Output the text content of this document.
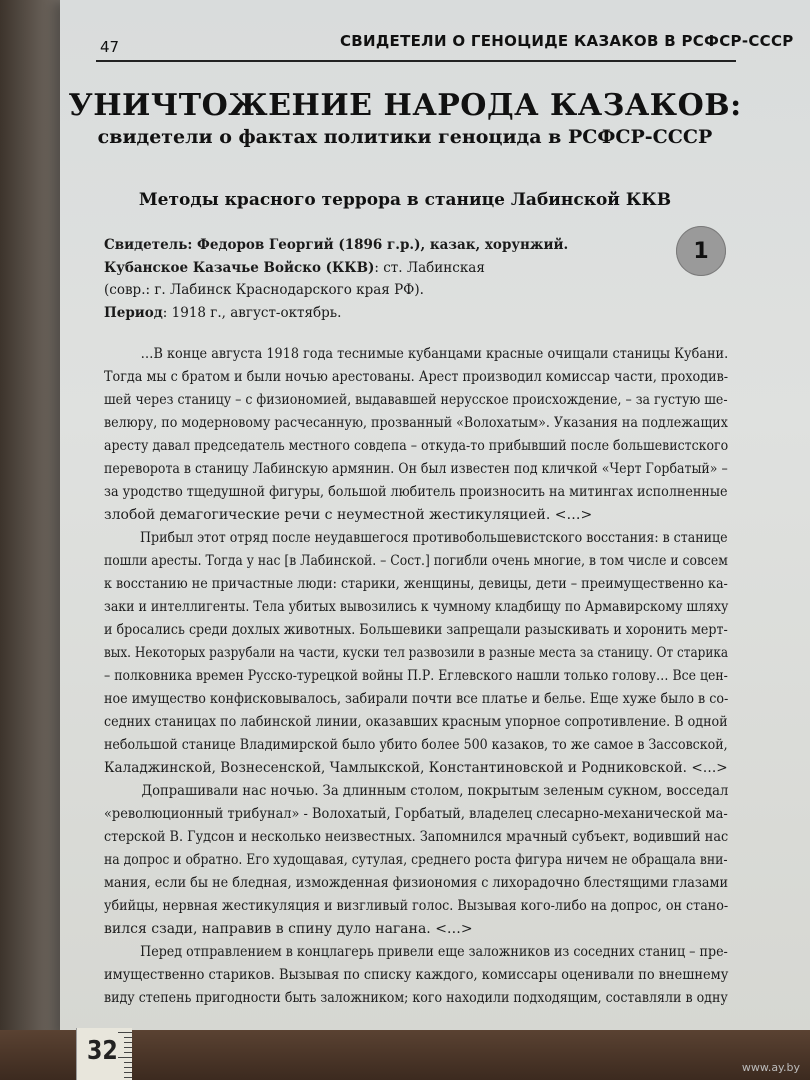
47	СВИДЕТЕЛИ О ГЕНОЦИДЕ КАЗАКОВ В РСФСР-СССР
УНИЧТОЖЕНИЕ НАРОДА КАЗАКОВ:
свидетели о фактах политики геноцида в РСФСР-СССР
Методы красного террора в станице Лабинской ККВ
1
Свидетель: Федоров Георгий (1896 г.р.), казак, хорунжий.
Кубанское Казачье Войско (ККВ): ст. Лабинская
(совр.: г. Лабинск Краснодарского края РФ).
Период: 1918 г., август-октябрь.
…В конце августа 1918 года теснимые кубанцами красные очищали станицы Кубани.
Тогда мы с братом и были ночью арестованы. Арест производил комиссар части, проходив-
шей через станицу – с физиономией, выдававшей нерусское происхождение, – за густую ше-
велюру, по модерновому расчесанную, прозванный «Волохатым». Указания на подлежащих
аресту давал председатель местного совдепа – откуда-то прибывший после большевистского
переворота в станицу Лабинскую армянин. Он был известен под кличкой «Черт Горбатый» –
за уродство тщедушной фигуры, большой любитель произносить на митингах исполненные
злобой демагогические речи с неуместной жестикуляцией. <…>
Прибыл этот отряд после неудавшегося противобольшевистского восстания: в станице
пошли аресты. Тогда у нас [в Лабинской. – Сост.] погибли очень многие, в том числе и совсем
к восстанию не причастные люди: старики, женщины, девицы, дети – преимущественно ка-
заки и интеллигенты. Тела убитых вывозились к чумному кладбищу по Армавирскому шляху
и бросались среди дохлых животных. Большевики запрещали разыскивать и хоронить мерт-
вых. Некоторых разрубали на части, куски тел развозили в разные места за станицу. От старика
– полковника времен Русско-турецкой войны П.Р. Еглевского нашли только голову… Все цен-
ное имущество конфисковывалось, забирали почти все платье и белье. Еще хуже было в со-
седних станицах по лабинской линии, оказавших красным упорное сопротивление. В одной
небольшой станице Владимирской было убито более 500 казаков, то же самое в Зассовской,
Каладжинской, Вознесенской, Чамлыкской, Константиновской и Родниковской. <…>
Допрашивали нас ночью. За длинным столом, покрытым зеленым сукном, восседал
«революционный трибунал» - Волохатый, Горбатый, владелец слесарно-механической ма-
стерской В. Гудсон и несколько неизвестных. Запомнился мрачный субъект, водивший нас
на допрос и обратно. Его худощавая, сутулая, среднего роста фигура ничем не обращала вни-
мания, если бы не бледная, изможденная физиономия с лихорадочно блестящими глазами
убийцы, нервная жестикуляция и визгливый голос. Вызывая кого-либо на допрос, он стано-
вился сзади, направив в спину дуло нагана. <…>
Перед отправлением в концлагерь привели еще заложников из соседних станиц – пре-
имущественно стариков. Вызывая по списку каждого, комиссары оценивали по внешнему
виду степень пригодности быть заложником; кого находили подходящим, составляли в одну
32
www.ay.by
